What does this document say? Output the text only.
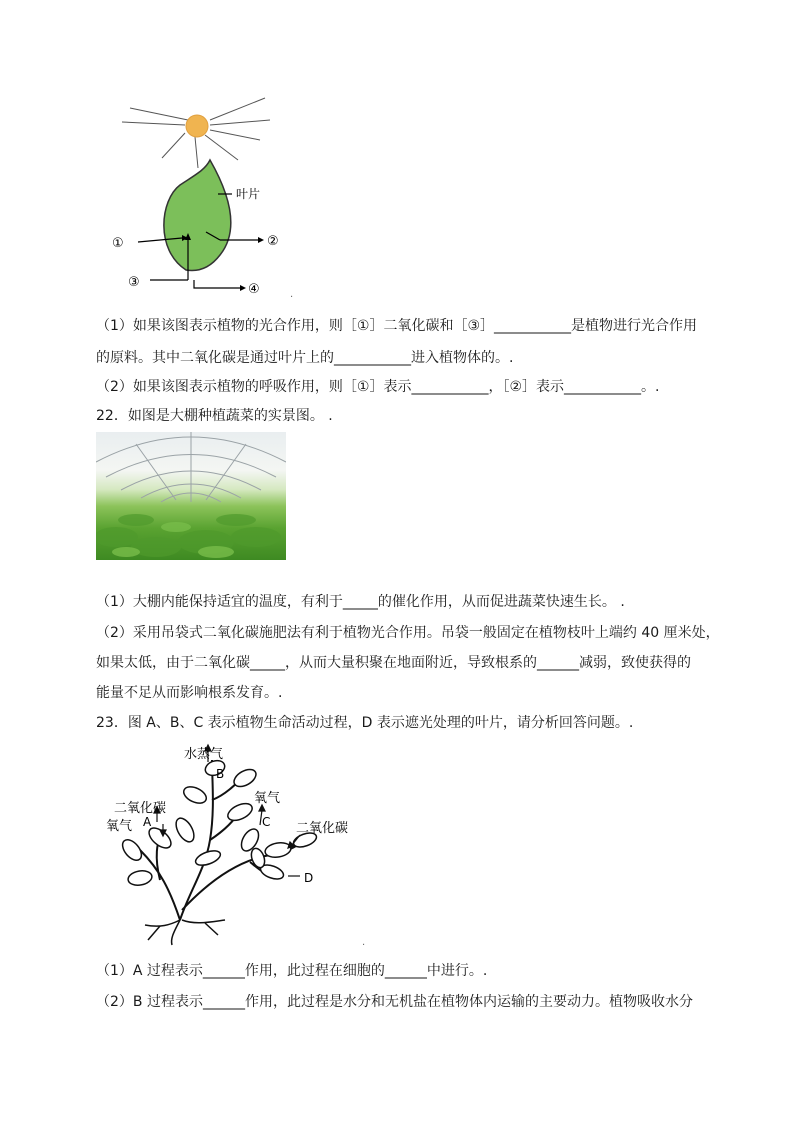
叶片
①	②
③	④
·
（1）如果该图表示植物的光合作用，则［①］二氧化碳和［③］___________是植物进行光合作用
的原料。其中二氧化碳是通过叶片上的___________进入植物体的。.
（2）如果该图表示植物的呼吸作用，则［①］表示___________，［②］表示___________。.
22．如图是大棚种植蔬菜的实景图。 .
（1）大棚内能保持适宜的温度，有利于_____的催化作用，从而促进蔬菜快速生长。 .
（2）采用吊袋式二氧化碳施肥法有利于植物光合作用。吊袋一般固定在植物枝叶上端约 40 厘米处，
如果太低，由于二氧化碳_____，从而大量积聚在地面附近，导致根系的______减弱，致使获得的
能量不足从而影响根系发育。.
23．图 A、B、C 表示植物生命活动过程，D 表示遮光处理的叶片，请分析回答问题。.
水蒸气
B
二氧化碳
氧气 A
氧气
C 二氧化碳
D
·
（1）A 过程表示______作用，此过程在细胞的______中进行。.
（2）B 过程表示______作用，此过程是水分和无机盐在植物体内运输的主要动力。植物吸收水分
